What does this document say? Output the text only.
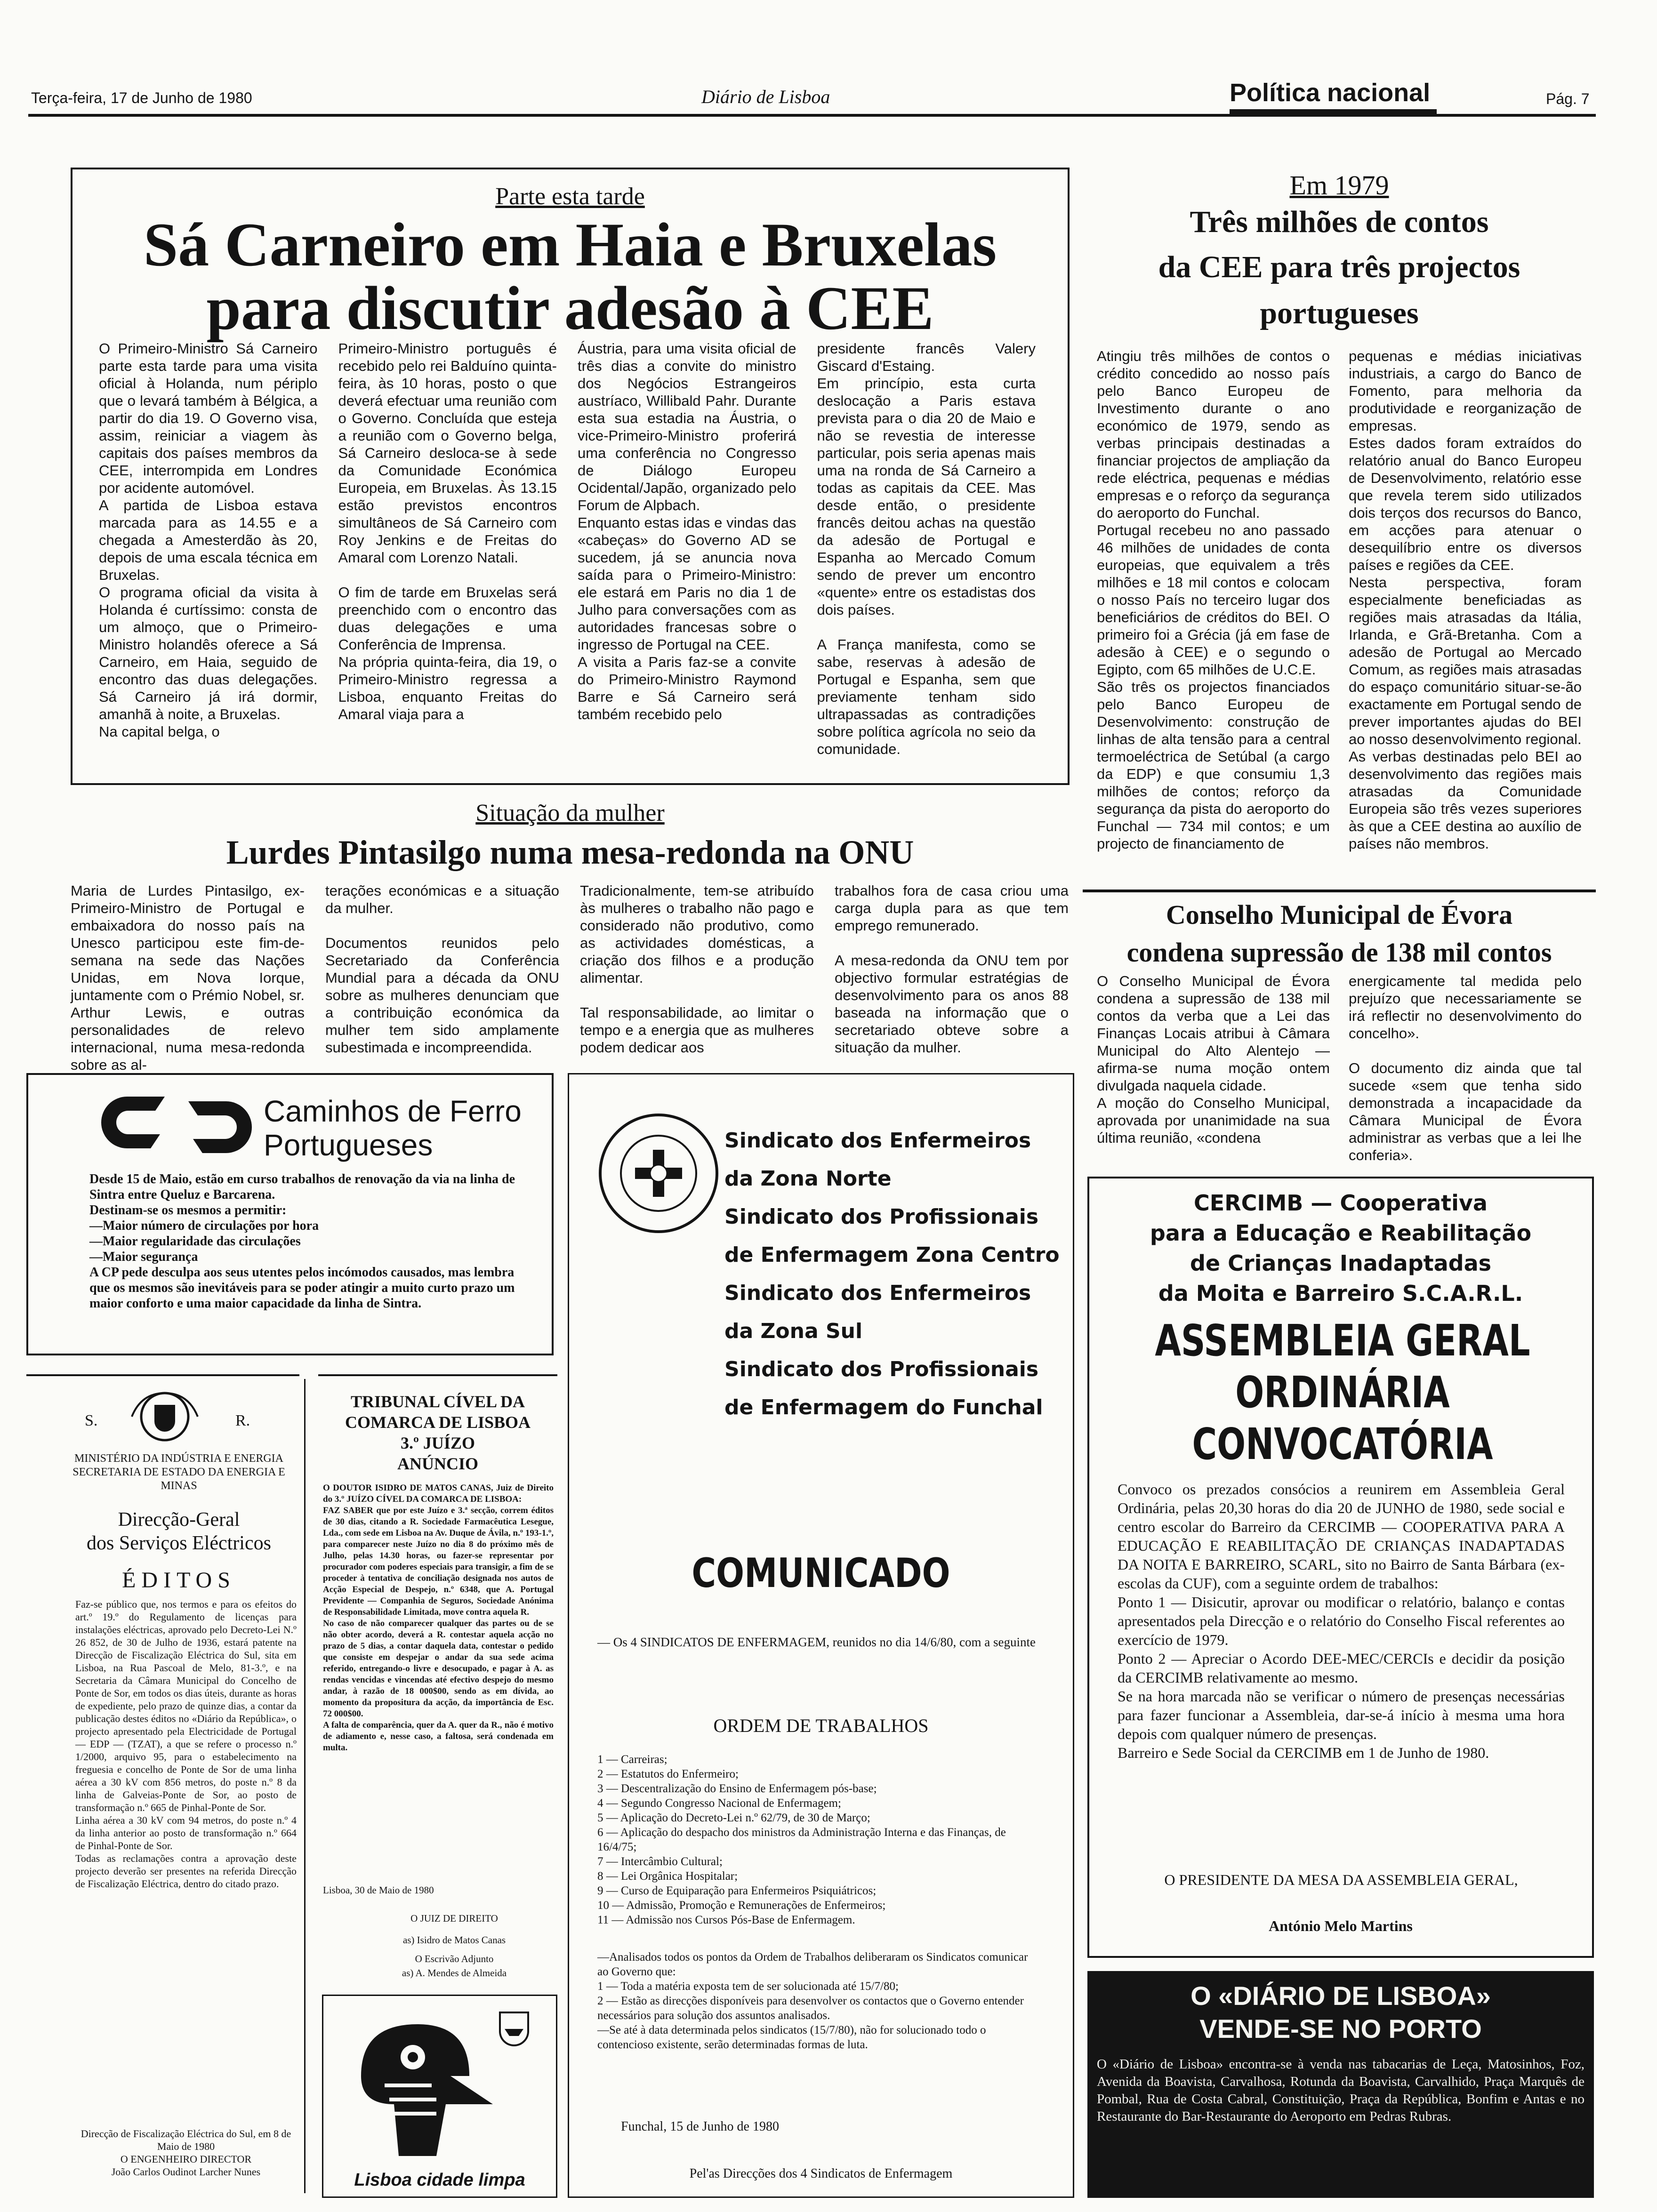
Terça-feira, 17 de Junho de 1980	Diário de Lisboa	Política nacional	Pág. 7
Parte esta tarde
Sá Carneiro em Haia e Bruxelas
para discutir adesão à CEE

O Primeiro-Ministro Sá Carneiro parte esta tarde para uma visita oficial à Holanda, num périplo que o levará também à Bélgica, a partir do dia 19. O Governo visa, assim, reiniciar a viagem às capitais dos países membros da CEE, interrompida em Londres por acidente automóvel.
A partida de Lisboa estava marcada para as 14.55 e a chegada a Amesterdão às 20, depois de uma escala técnica em Bruxelas.
O programa oficial da visita à Holanda é curtíssimo: consta de um almoço, que o Primeiro-Ministro holandês oferece a Sá Carneiro, em Haia, seguido de encontro das duas delegações. Sá Carneiro já irá dormir, amanhã à noite, a Bruxelas.
Na capital belga, o

Primeiro-Ministro português é recebido pelo rei Balduíno quinta-feira, às 10 horas, posto o que deverá efectuar uma reunião com o Governo. Concluída que esteja a reunião com o Governo belga, Sá Carneiro desloca-se à sede da Comunidade Económica Europeia, em Bruxelas. Às 13.15 estão previstos encontros simultâneos de Sá Carneiro com Roy Jenkins e de Freitas do Amaral com Lorenzo Natali.

O fim de tarde em Bruxelas será preenchido com o encontro das duas delegações e uma Conferência de Imprensa.
Na própria quinta-feira, dia 19, o Primeiro-Ministro regressa a Lisboa, enquanto Freitas do Amaral viaja para a

Áustria, para uma visita oficial de três dias a convite do ministro dos Negócios Estrangeiros austríaco, Willibald Pahr. Durante esta sua estadia na Áustria, o vice-Primeiro-Ministro proferirá uma conferência no Congresso de Diálogo Europeu Ocidental/Japão, organizado pelo Forum de Alpbach.
Enquanto estas idas e vindas das «cabeças» do Governo AD se sucedem, já se anuncia nova saída para o Primeiro-Ministro: ele estará em Paris no dia 1 de Julho para conversações com as autoridades francesas sobre o ingresso de Portugal na CEE.
A visita a Paris faz-se a convite do Primeiro-Ministro Raymond Barre e Sá Carneiro será também recebido pelo

presidente francês Valery Giscard d'Estaing.
Em princípio, esta curta deslocação a Paris estava prevista para o dia 20 de Maio e não se revestia de interesse particular, pois seria apenas mais uma na ronda de Sá Carneiro a todas as capitais da CEE. Mas desde então, o presidente francês deitou achas na questão da adesão de Portugal e Espanha ao Mercado Comum sendo de prever um encontro «quente» entre os estadistas dos dois países.

A França manifesta, como se sabe, reservas à adesão de Portugal e Espanha, sem que previamente tenham sido ultrapassadas as contradições sobre política agrícola no seio da comunidade.

Em 1979
Três milhões de contos
da CEE para três projectos
portugueses

Atingiu três milhões de contos o crédito concedido ao nosso país pelo Banco Europeu de Investimento durante o ano económico de 1979, sendo as verbas principais destinadas a financiar projectos de ampliação da rede eléctrica, pequenas e médias empresas e o reforço da segurança do aeroporto do Funchal.
Portugal recebeu no ano passado 46 milhões de unidades de conta europeias, que equivalem a três milhões e 18 mil contos e colocam o nosso País no terceiro lugar dos beneficiários de créditos do BEI. O primeiro foi a Grécia (já em fase de adesão à CEE) e o segundo o Egipto, com 65 milhões de U.C.E.
São três os projectos financiados pelo Banco Europeu de Desenvolvimento: construção de linhas de alta tensão para a central termoeléctrica de Setúbal (a cargo da EDP) e que consumiu 1,3 milhões de contos; reforço da segurança da pista do aeroporto do Funchal — 734 mil contos; e um projecto de financiamento de

pequenas e médias iniciativas industriais, a cargo do Banco de Fomento, para melhoria da produtividade e reorganização de empresas.
Estes dados foram extraídos do relatório anual do Banco Europeu de Desenvolvimento, relatório esse que revela terem sido utilizados dois terços dos recursos do Banco, em acções para atenuar o desequilíbrio entre os diversos países e regiões da CEE.
Nesta perspectiva, foram especialmente beneficiadas as regiões mais atrasadas da Itália, Irlanda, e Grã-Bretanha. Com a adesão de Portugal ao Mercado Comum, as regiões mais atrasadas do espaço comunitário situar-se-ão exactamente em Portugal sendo de prever importantes ajudas do BEI ao nosso desenvolvimento regional.
As verbas destinadas pelo BEI ao desenvolvimento das regiões mais atrasadas da Comunidade Europeia são três vezes superiores às que a CEE destina ao auxílio de países não membros.

Situação da mulher
Lurdes Pintasilgo numa mesa-redonda na ONU

Maria de Lurdes Pintasilgo, ex-Primeiro-Ministro de Portugal e embaixadora do nosso país na Unesco participou este fim-de-semana na sede das Nações Unidas, em Nova Iorque, juntamente com o Prémio Nobel, sr. Arthur Lewis, e outras personalidades de relevo internacional, numa mesa-redonda sobre as al-

terações económicas e a situação da mulher.

Documentos reunidos pelo Secretariado da Conferência Mundial para a década da ONU sobre as mulheres denunciam que a contribuição económica da mulher tem sido amplamente subestimada e incompreendida.

Tradicionalmente, tem-se atribuído às mulheres o trabalho não pago e considerado não produtivo, como as actividades domésticas, a criação dos filhos e a produção alimentar.

Tal responsabilidade, ao limitar o tempo e a energia que as mulheres podem dedicar aos

trabalhos fora de casa criou uma carga dupla para as que tem emprego remunerado.

A mesa-redonda da ONU tem por objectivo formular estratégias de desenvolvimento para os anos 88 baseada na informação que o secretariado obteve sobre a situação da mulher.

Conselho Municipal de Évora
condena supressão de 138 mil contos

O Conselho Municipal de Évora condena a supressão de 138 mil contos da verba que a Lei das Finanças Locais atribui à Câmara Municipal do Alto Alentejo — afirma-se numa moção ontem divulgada naquela cidade.
A moção do Conselho Municipal, aprovada por unanimidade na sua última reunião, «condena

energicamente tal medida pelo prejuízo que necessariamente se irá reflectir no desenvolvimento do concelho».

O documento diz ainda que tal sucede «sem que tenha sido demonstrada a incapacidade da Câmara Municipal de Évora administrar as verbas que a lei lhe conferia».

Caminhos de Ferro
Portugueses
Desde 15 de Maio, estão em curso trabalhos de renovação da via na linha de Sintra entre Queluz e Barcarena.
Destinam-se os mesmos a permitir:
—Maior número de circulações por hora
—Maior regularidade das circulações
—Maior segurança
A CP pede desculpa aos seus utentes pelos incómodos causados, mas lembra que os mesmos são inevitáveis para se poder atingir a muito curto prazo um maior conforto e uma maior capacidade da linha de Sintra.
Sindicato dos Enfermeiros
da Zona Norte
Sindicato dos Profissionais
de Enfermagem Zona Centro
Sindicato dos Enfermeiros
da Zona Sul
Sindicato dos Profissionais
de Enfermagem do Funchal
COMUNICADO
— Os 4 SINDICATOS DE ENFERMAGEM, reunidos no dia 14/6/80, com a seguinte
ORDEM DE TRABALHOS
1 — Carreiras;
2 — Estatutos do Enfermeiro;
3 — Descentralização do Ensino de Enfermagem pós-base;
4 — Segundo Congresso Nacional de Enfermagem;
5 — Aplicação do Decreto-Lei n.º 62/79, de 30 de Março;
6 — Aplicação do despacho dos ministros da Administração Interna e das Finanças, de 16/4/75;
7 — Intercâmbio Cultural;
8 — Lei Orgânica Hospitalar;
9 — Curso de Equiparação para Enfermeiros Psiquiátricos;
10 — Admissão, Promoção e Remunerações de Enfermeiros;
11 — Admissão nos Cursos Pós-Base de Enfermagem.
—Analisados todos os pontos da Ordem de Trabalhos deliberaram os Sindicatos comunicar ao Governo que:
1 — Toda a matéria exposta tem de ser solucionada até 15/7/80;
2 — Estão as direcções disponíveis para desenvolver os contactos que o Governo entender necessários para solução dos assuntos analisados.
—Se até à data determinada pelos sindicatos (15/7/80), não for solucionado todo o contencioso existente, serão determinadas formas de luta.
Funchal, 15 de Junho de 1980
Pel'as Direcções dos 4 Sindicatos de Enfermagem
CERCIMB — Cooperativa
para a Educação e Reabilitação
de Crianças Inadaptadas
da Moita e Barreiro S.C.A.R.L.
ASSEMBLEIA GERAL
ORDINÁRIA
CONVOCATÓRIA
Convoco os prezados consócios a reunirem em Assembleia Geral Ordinária, pelas 20,30 horas do dia 20 de JUNHO de 1980, sede social e centro escolar do Barreiro da CERCIMB — COOPERATIVA PARA A EDUCAÇÃO E REABILITAÇÃO DE CRIANÇAS INADAPTADAS DA NOITA E BARREIRO, SCARL, sito no Bairro de Santa Bárbara (ex-escolas da CUF), com a seguinte ordem de trabalhos:
Ponto 1 — Disicutir, aprovar ou modificar o relatório, balanço e contas apresentados pela Direcção e o relatório do Conselho Fiscal referentes ao exercício de 1979.
Ponto 2 — Apreciar o Acordo DEE-MEC/CERCIs e decidir da posição da CERCIMB relativamente ao mesmo.
Se na hora marcada não se verificar o número de presenças necessárias para fazer funcionar a Assembleia, dar-se-á início à mesma uma hora depois com qualquer número de presenças.
Barreiro e Sede Social da CERCIMB em 1 de Junho de 1980.
O PRESIDENTE DA MESA DA ASSEMBLEIA GERAL,
António Melo Martins
O «DIÁRIO DE LISBOA»
VENDE-SE NO PORTO
O «Diário de Lisboa» encontra-se à venda nas tabacarias de Leça, Matosinhos, Foz, Avenida da Boavista, Carvalhosa, Rotunda da Boavista, Carvalhido, Praça Marquês de Pombal, Rua de Costa Cabral, Constituição, Praça da República, Bonfim e Antas e no Restaurante do Bar-Restaurante do Aeroporto em Pedras Rubras.
S.	R.
MINISTÉRIO DA INDÚSTRIA E ENERGIA
SECRETARIA DE ESTADO DA ENERGIA E MINAS
Direcção-Geral
dos Serviços Eléctricos
ÉDITOS
Faz-se público que, nos termos e para os efeitos do art.º 19.º do Regulamento de licenças para instalações eléctricas, aprovado pelo Decreto-Lei N.º 26 852, de 30 de Julho de 1936, estará patente na Direcção de Fiscalização Eléctrica do Sul, sita em Lisboa, na Rua Pascoal de Melo, 81-3.º, e na Secretaria da Câmara Municipal do Concelho de Ponte de Sor, em todos os dias úteis, durante as horas de expediente, pelo prazo de quinze dias, a contar da publicação destes éditos no «Diário da República», o projecto apresentado pela Electricidade de Portugal — EDP — (TZAT), a que se refere o processo n.º 1/2000, arquivo 95, para o estabelecimento na freguesia e concelho de Ponte de Sor de uma linha aérea a 30 kV com 856 metros, do poste n.º 8 da linha de Galveias-Ponte de Sor, ao posto de transformação n.º 665 de Pinhal-Ponte de Sor.
Linha aérea a 30 kV com 94 metros, do poste n.º 4 da linha anterior ao posto de transformação n.º 664 de Pinhal-Ponte de Sor.
Todas as reclamações contra a aprovação deste projecto deverão ser presentes na referida Direcção de Fiscalização Eléctrica, dentro do citado prazo.
Direcção de Fiscalização Eléctrica do Sul, em 8 de Maio de 1980
O ENGENHEIRO DIRECTOR
João Carlos Oudinot Larcher Nunes
TRIBUNAL CÍVEL DA
COMARCA DE LISBOA
3.º JUÍZO
ANÚNCIO
O DOUTOR ISIDRO DE MATOS CANAS, Juiz de Direito do 3.º JUÍZO CÍVEL DA COMARCA DE LISBOA:
FAZ SABER que por este Juízo e 3.ª secção, correm éditos de 30 dias, citando a R. Sociedade Farmacêutica Lesegue, Lda., com sede em Lisboa na Av. Duque de Ávila, n.º 193-1.º, para comparecer neste Juízo no dia 8 do próximo mês de Julho, pelas 14.30 horas, ou fazer-se representar por procurador com poderes especiais para transigir, a fim de se proceder à tentativa de conciliação designada nos autos de Acção Especial de Despejo, n.º 6348, que A. Portugal Previdente — Companhia de Seguros, Sociedade Anónima de Responsabilidade Limitada, move contra aquela R.
No caso de não comparecer qualquer das partes ou de se não obter acordo, deverá a R. contestar aquela acção no prazo de 5 dias, a contar daquela data, contestar o pedido que consiste em despejar o andar da sua sede acima referido, entregando-o livre e desocupado, e pagar à A. as rendas vencidas e vincendas até efectivo despejo do mesmo andar, à razão de 18 000$00, sendo as em dívida, ao momento da propositura da acção, da importância de Esc. 72 000$00.
A falta de comparência, quer da A. quer da R., não é motivo de adiamento e, nesse caso, a faltosa, será condenada em multa.
Lisboa, 30 de Maio de 1980
O JUIZ DE DIREITO
as) Isidro de Matos Canas
O Escrivão Adjunto
as) A. Mendes de Almeida
Lisboa cidade limpa
